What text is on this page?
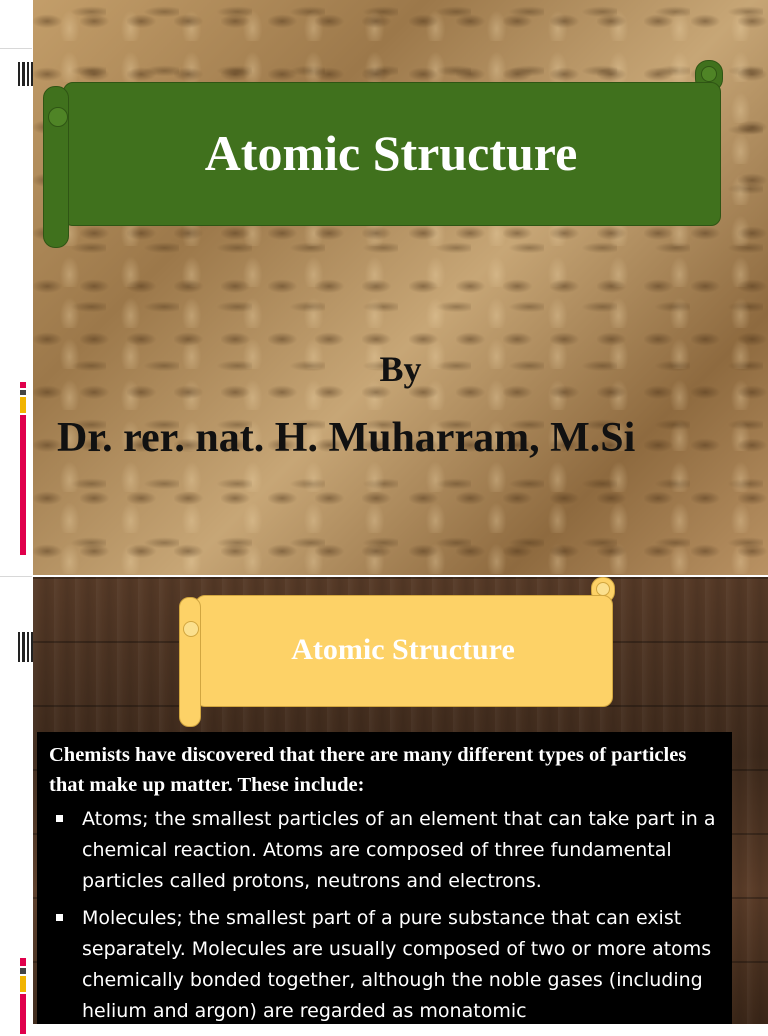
Atomic Structure
By
Dr. rer. nat. H. Muharram, M.Si
Atomic Structure

Chemists have discovered that there are many different types of particles that make up matter. These include:

Atoms; the smallest particles of an element that can take part in a chemical reaction. Atoms are composed of three fundamental particles called protons, neutrons and electrons.
Molecules; the smallest part of a pure substance that can exist separately. Molecules are usually composed of two or more atoms chemically bonded together, although the noble gases (including helium and argon) are regarded as monatomic
